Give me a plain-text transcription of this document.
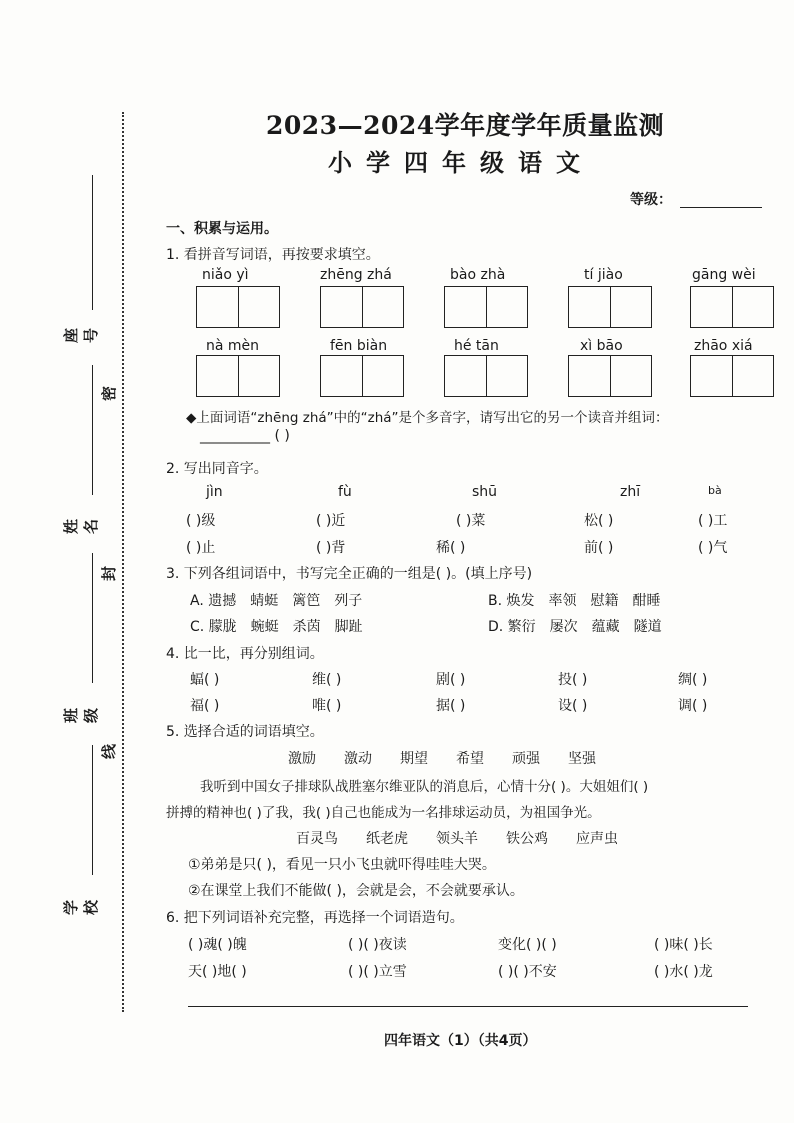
座号
姓名
班级
学校
密
封
线
2023—2024学年度学年质量监测
小学四年级语文
等级：
一、积累与运用。
1. 看拼音写词语，再按要求填空。
niǎo yì	zhēng zhá	bào zhà	tí jiào	gāng wèi
nà mèn	fēn biàn	hé tān	xì bāo	zhāo xiá
◆上面词语“zhēng zhá”中的“zhá”是个多音字，请写出它的另一个读音并组词：
__________ ( )
2. 写出同音字。
jìn	fù	shū	zhī	bà
( )级	( )近	( )菜	松( )	( )工
( )止	( )背	稀( )	前( )	( )气
3. 下列各组词语中，书写完全正确的一组是( )。(填上序号)
A. 遗撼　蜻蜓　篱笆　列子	B. 焕发　率领　慰籍　酣睡
C. 朦胧　蜿蜓　杀茵　脚趾	D. 繁衍　屡次　蕴藏　隧道
4. 比一比，再分别组词。
蝠( )	维( )	剧( )	投( )	绸( )
福( )	唯( )	据( )	设( )	调( )
5. 选择合适的词语填空。
激励　　激动　　期望　　希望　　顽强　　坚强
我听到中国女子排球队战胜塞尔维亚队的消息后，心情十分( )。大姐姐们( )
拼搏的精神也( )了我，我( )自己也能成为一名排球运动员，为祖国争光。
百灵鸟　　纸老虎　　领头羊　　铁公鸡　　应声虫
①弟弟是只( )，看见一只小飞虫就吓得哇哇大哭。
②在课堂上我们不能做( )，会就是会，不会就要承认。
6. 把下列词语补充完整，再选择一个词语造句。
( )魂( )魄	( )( )夜读	变化( )( )	( )味( )长
天( )地( )	( )( )立雪	( )( )不安	( )水( )龙
四年语文（1）（共4页）
